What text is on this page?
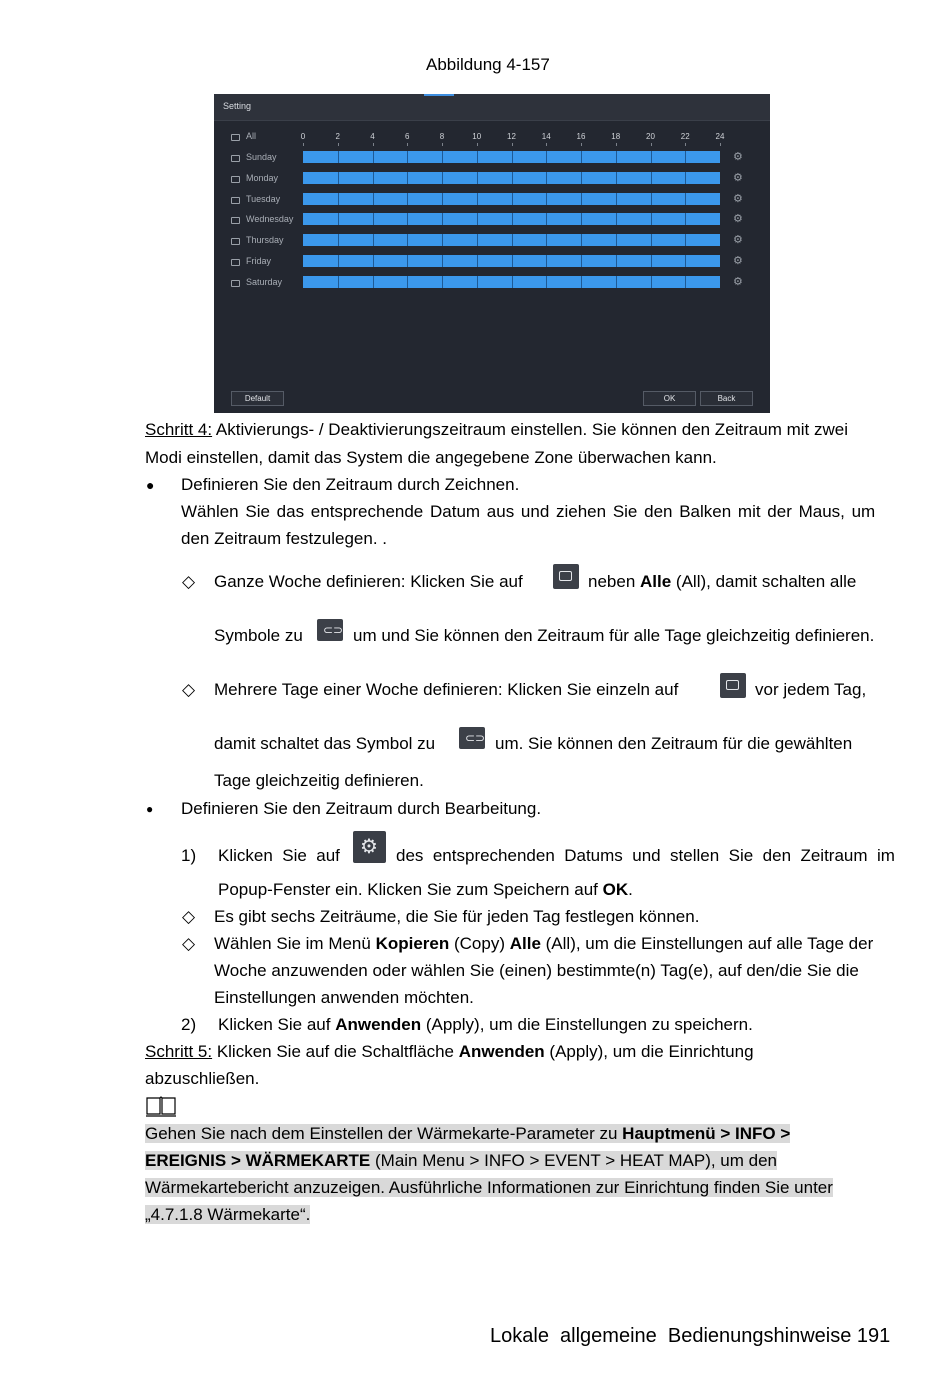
Abbildung 4-157
Setting
All
Default	OK	Back
0	2	4	6	8	10	12	14	16	18	20	22	24
Sunday	⚙
Monday	⚙
Tuesday	⚙
Wednesday	⚙
Thursday	⚙
Friday	⚙
Saturday	⚙
Schritt 4: Aktivierungs- / Deaktivierungszeitraum einstellen. Sie können den Zeitraum mit zwei
Modi einstellen, damit das System die angegebene Zone überwachen kann.
● Definieren Sie den Zeitraum durch Zeichnen.
Wählen Sie das entsprechende Datum aus und ziehen Sie den Balken mit der Maus, um
den Zeitraum festzulegen. .
◇ Ganze Woche definieren: Klicken Sie auf	neben Alle (All), damit schalten alle
Symbole zu ⊂⊃ um und Sie können den Zeitraum für alle Tage gleichzeitig definieren.
◇ Mehrere Tage einer Woche definieren: Klicken Sie einzeln auf	vor jedem Tag,
damit schaltet das Symbol zu ⊂⊃ um. Sie können den Zeitraum für die gewählten
Tage gleichzeitig definieren.
● Definieren Sie den Zeitraum durch Bearbeitung.
1) Klicken  Sie  auf ⚙ des  entsprechenden  Datums  und  stellen  Sie  den  Zeitraum  im
Popup-Fenster ein. Klicken Sie zum Speichern auf OK.
◇ Es gibt sechs Zeiträume, die Sie für jeden Tag festlegen können.
◇ Wählen Sie im Menü Kopieren (Copy) Alle (All), um die Einstellungen auf alle Tage der
Woche anzuwenden oder wählen Sie (einen) bestimmte(n) Tag(e), auf den/die Sie die
Einstellungen anwenden möchten.
2) Klicken Sie auf Anwenden (Apply), um die Einstellungen zu speichern.
Schritt 5: Klicken Sie auf die Schaltfläche Anwenden (Apply), um die Einrichtung
abzuschließen.
Gehen Sie nach dem Einstellen der Wärmekarte-Parameter zu Hauptmenü > INFO >
EREIGNIS > WÄRMEKARTE (Main Menu > INFO > EVENT > HEAT MAP), um den
Wärmekartebericht anzuzeigen. Ausführliche Informationen zur Einrichtung finden Sie unter
„4.7.1.8 Wärmekarte“.
Lokale  allgemeine  Bedienungshinweise 191
